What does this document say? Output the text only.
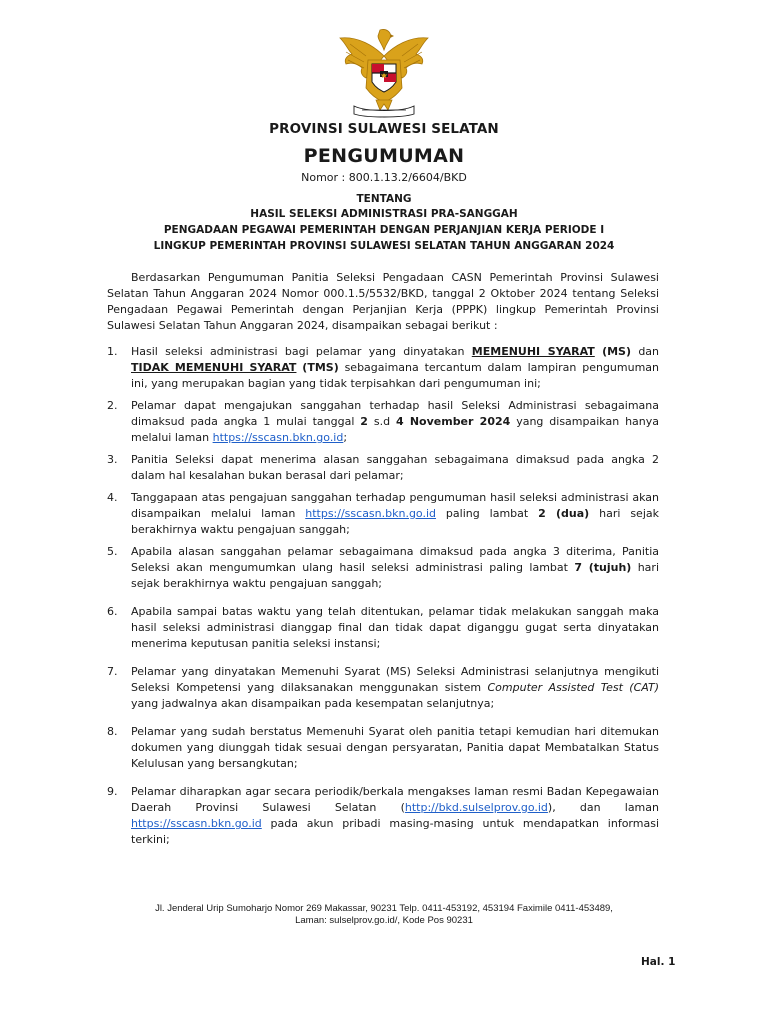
PROVINSI SULAWESI SELATAN
PENGUMUMAN
Nomor : 800.1.13.2/6604/BKD
TENTANG
HASIL SELEKSI ADMINISTRASI PRA-SANGGAH
PENGADAAN PEGAWAI PEMERINTAH DENGAN PERJANJIAN KERJA PERIODE I
LINGKUP PEMERINTAH PROVINSI SULAWESI SELATAN TAHUN ANGGARAN 2024
Berdasarkan Pengumuman Panitia Seleksi Pengadaan CASN Pemerintah Provinsi Sulawesi Selatan Tahun Anggaran 2024 Nomor 000.1.5/5532/BKD, tanggal 2 Oktober 2024 tentang Seleksi Pengadaan Pegawai Pemerintah dengan Perjanjian Kerja (PPPK) lingkup Pemerintah Provinsi Sulawesi Selatan Tahun Anggaran 2024, disampaikan sebagai berikut :
1. Hasil seleksi administrasi bagi pelamar yang dinyatakan MEMENUHI SYARAT (MS) dan TIDAK MEMENUHI SYARAT (TMS) sebagaimana tercantum dalam lampiran pengumuman ini, yang merupakan bagian yang tidak terpisahkan dari pengumuman ini;
2. Pelamar dapat mengajukan sanggahan terhadap hasil Seleksi Administrasi sebagaimana dimaksud pada angka 1 mulai tanggal 2 s.d 4 November 2024 yang disampaikan hanya melalui laman https://sscasn.bkn.go.id;
3. Panitia Seleksi dapat menerima alasan sanggahan sebagaimana dimaksud pada angka 2 dalam hal kesalahan bukan berasal dari pelamar;
4. Tanggapaan atas pengajuan sanggahan terhadap pengumuman hasil seleksi administrasi akan disampaikan melalui laman https://sscasn.bkn.go.id paling lambat 2 (dua) hari sejak berakhirnya waktu pengajuan sanggah;
5. Apabila alasan sanggahan pelamar sebagaimana dimaksud pada angka 3 diterima, Panitia Seleksi akan mengumumkan ulang hasil seleksi administrasi paling lambat 7 (tujuh) hari sejak berakhirnya waktu pengajuan sanggah;
6. Apabila sampai batas waktu yang telah ditentukan, pelamar tidak melakukan sanggah maka hasil seleksi administrasi dianggap final dan tidak dapat diganggu gugat serta dinyatakan menerima keputusan panitia seleksi instansi;
7. Pelamar yang dinyatakan Memenuhi Syarat (MS) Seleksi Administrasi selanjutnya mengikuti Seleksi Kompetensi yang dilaksanakan menggunakan sistem Computer Assisted Test (CAT) yang jadwalnya akan disampaikan pada kesempatan selanjutnya;
8. Pelamar yang sudah berstatus Memenuhi Syarat oleh panitia tetapi kemudian hari ditemukan dokumen yang diunggah tidak sesuai dengan persyaratan, Panitia dapat Membatalkan Status Kelulusan yang bersangkutan;
9. Pelamar diharapkan agar secara periodik/berkala mengakses laman resmi Badan Kepegawaian Daerah Provinsi Sulawesi Selatan (http://bkd.sulselprov.go.id), dan laman https://sscasn.bkn.go.id pada akun pribadi masing-masing untuk mendapatkan informasi terkini;
Jl. Jenderal Urip Sumoharjo Nomor 269 Makassar, 90231 Telp. 0411-453192, 453194 Faximile 0411-453489,
Laman: sulselprov.go.id/, Kode Pos 90231
Hal. 1
